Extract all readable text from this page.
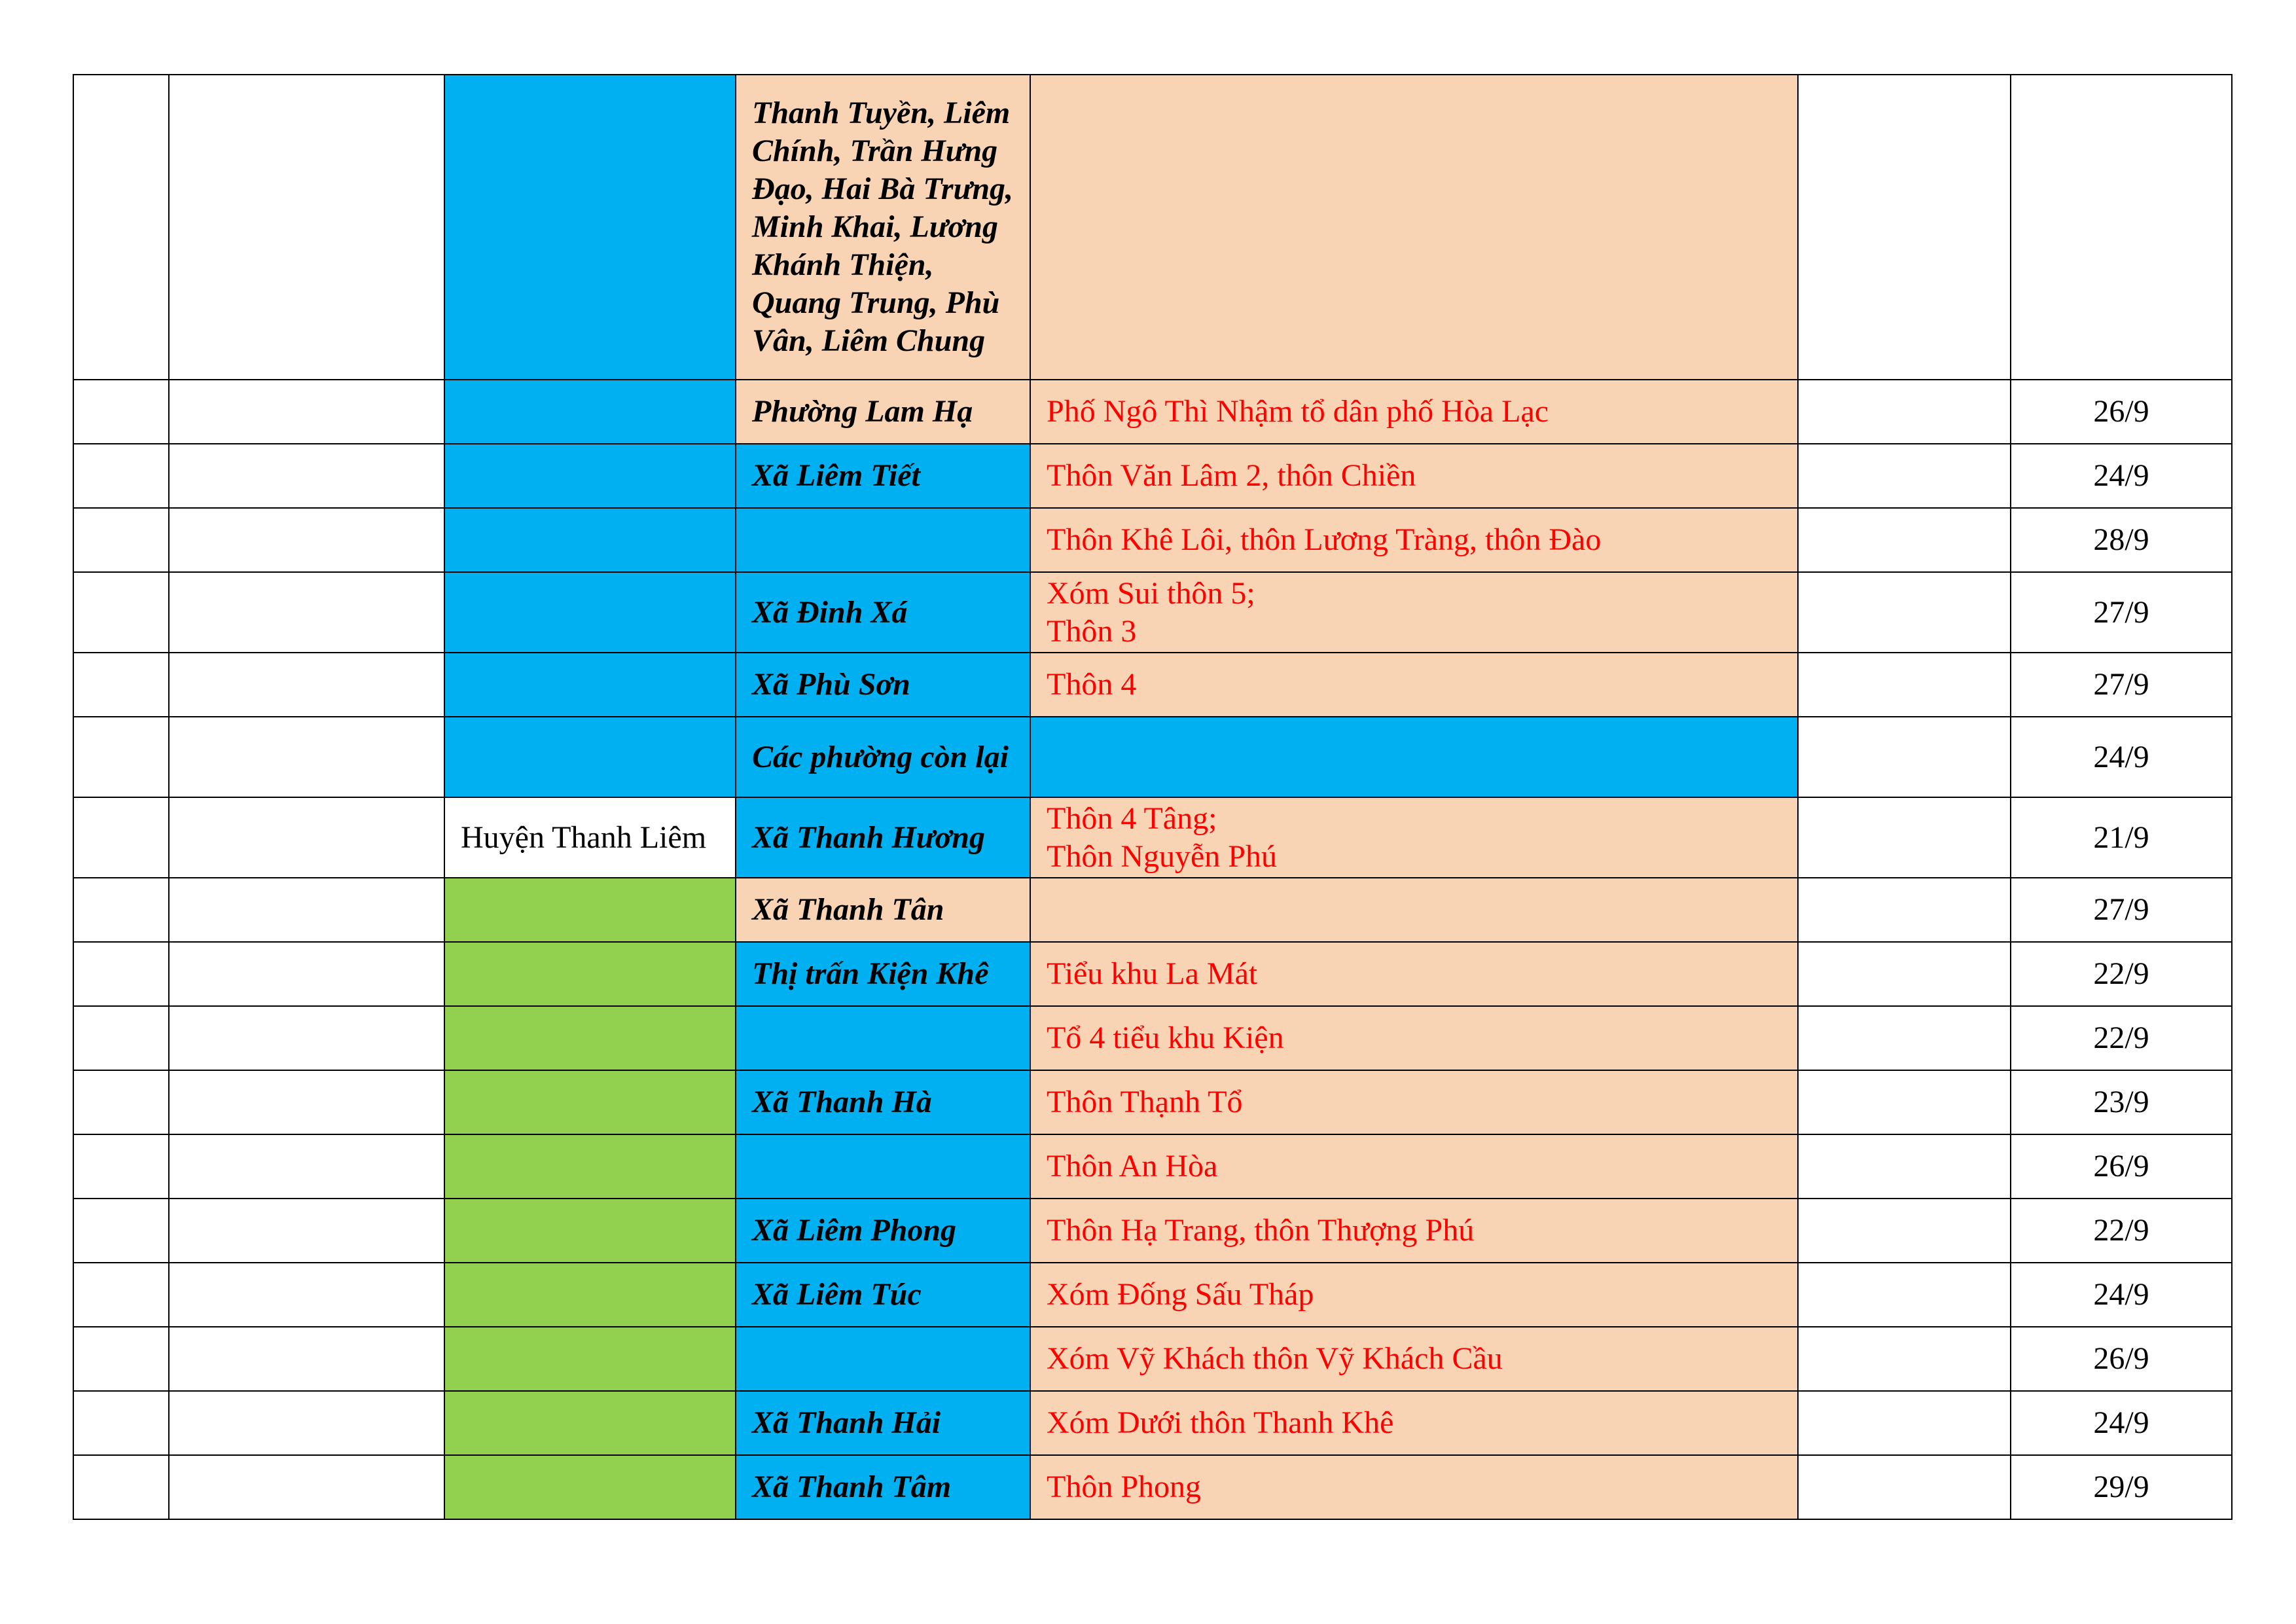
			Thanh Tuyền, Liêm Chính, Trần Hưng Đạo, Hai Bà Trưng, Minh Khai, Lương Khánh Thiện, Quang Trung, Phù Vân, Liêm Chung			
			Phường Lam Hạ	Phố Ngô Thì Nhậm tổ dân phố Hòa Lạc		26/9
			Xã Liêm Tiết	Thôn Văn Lâm 2, thôn Chiền		24/9

				Thôn Khê Lôi, thôn Lương Tràng, thôn Đào		28/9
			Xã Đinh Xá	Xóm Sui thôn 5;
Thôn 3		27/9
			Xã Phù Sơn	Thôn 4		27/9
			Các phường còn lại			24/9
		Huyện Thanh Liêm	Xã Thanh Hương	Thôn 4 Tâng;
Thôn Nguyễn Phú		21/9
			Xã Thanh Tân			27/9
			Thị trấn Kiện Khê	Tiểu khu La Mát		22/9

				Tổ 4 tiểu khu Kiện		22/9
			Xã Thanh Hà	Thôn Thạnh Tổ		23/9

				Thôn An Hòa		26/9
			Xã Liêm Phong	Thôn Hạ Trang, thôn Thượng Phú		22/9
			Xã Liêm Túc	Xóm Đống Sấu Tháp		24/9

				Xóm Vỹ Khách thôn Vỹ Khách Cầu		26/9
			Xã Thanh Hải	Xóm Dưới thôn Thanh Khê		24/9
			Xã Thanh Tâm	Thôn Phong		29/9
